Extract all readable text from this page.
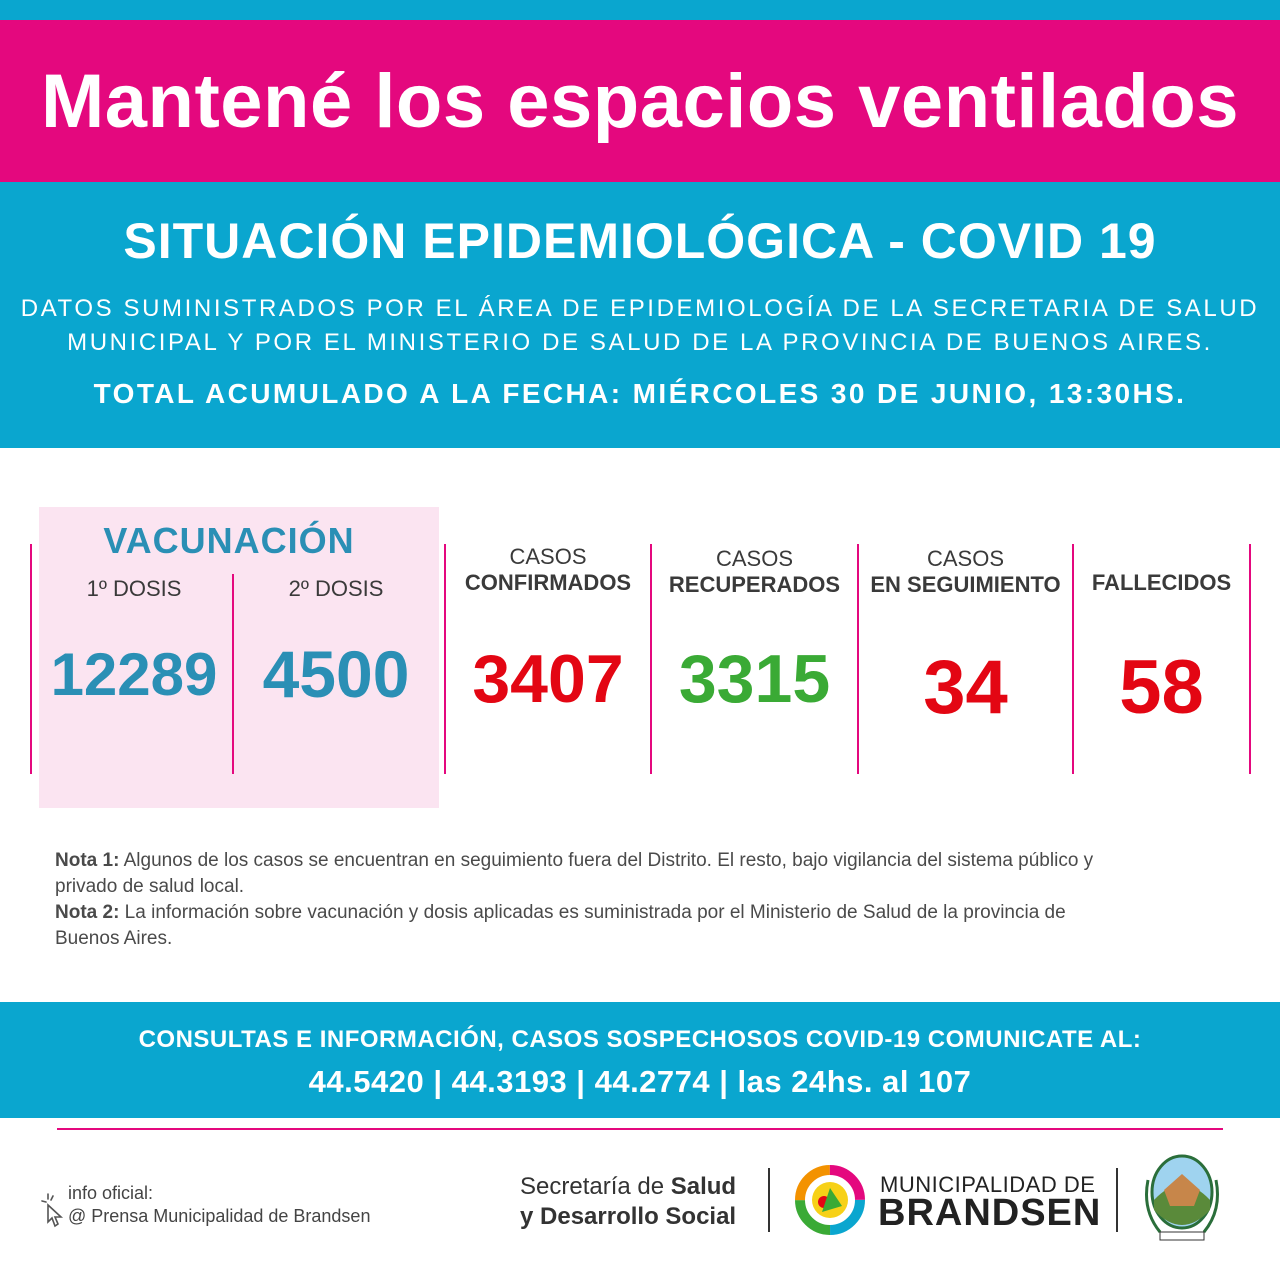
Mantené los espacios ventilados
SITUACIÓN EPIDEMIOLÓGICA - COVID 19
DATOS SUMINISTRADOS POR EL ÁREA DE EPIDEMIOLOGÍA DE LA SECRETARIA DE SALUD
MUNICIPAL Y POR EL MINISTERIO DE SALUD DE LA PROVINCIA DE BUENOS AIRES.
TOTAL ACUMULADO A LA FECHA: MIÉRCOLES 30 DE JUNIO, 13:30HS.
VACUNACIÓN
1º DOSIS	2º DOSIS
12289 4500
CASOS
CONFIRMADOS
3407
CASOS
RECUPERADOS
3315
CASOS
EN SEGUIMIENTO
34
FALLECIDOS
58
Nota 1: Algunos de los casos se encuentran en seguimiento fuera del Distrito. El resto, bajo vigilancia del sistema público y privado de salud local.
Nota 2: La información sobre vacunación y dosis aplicadas es suministrada por el Ministerio de Salud de la provincia de Buenos Aires.
CONSULTAS E INFORMACIÓN, CASOS SOSPECHOSOS COVID-19 COMUNICATE AL:
44.5420 | 44.3193 | 44.2774 | las 24hs. al 107
info oficial:
@ Prensa Municipalidad de Brandsen
Secretaría de Salud
y Desarrollo Social
MUNICIPALIDAD DE
BRANDSEN
